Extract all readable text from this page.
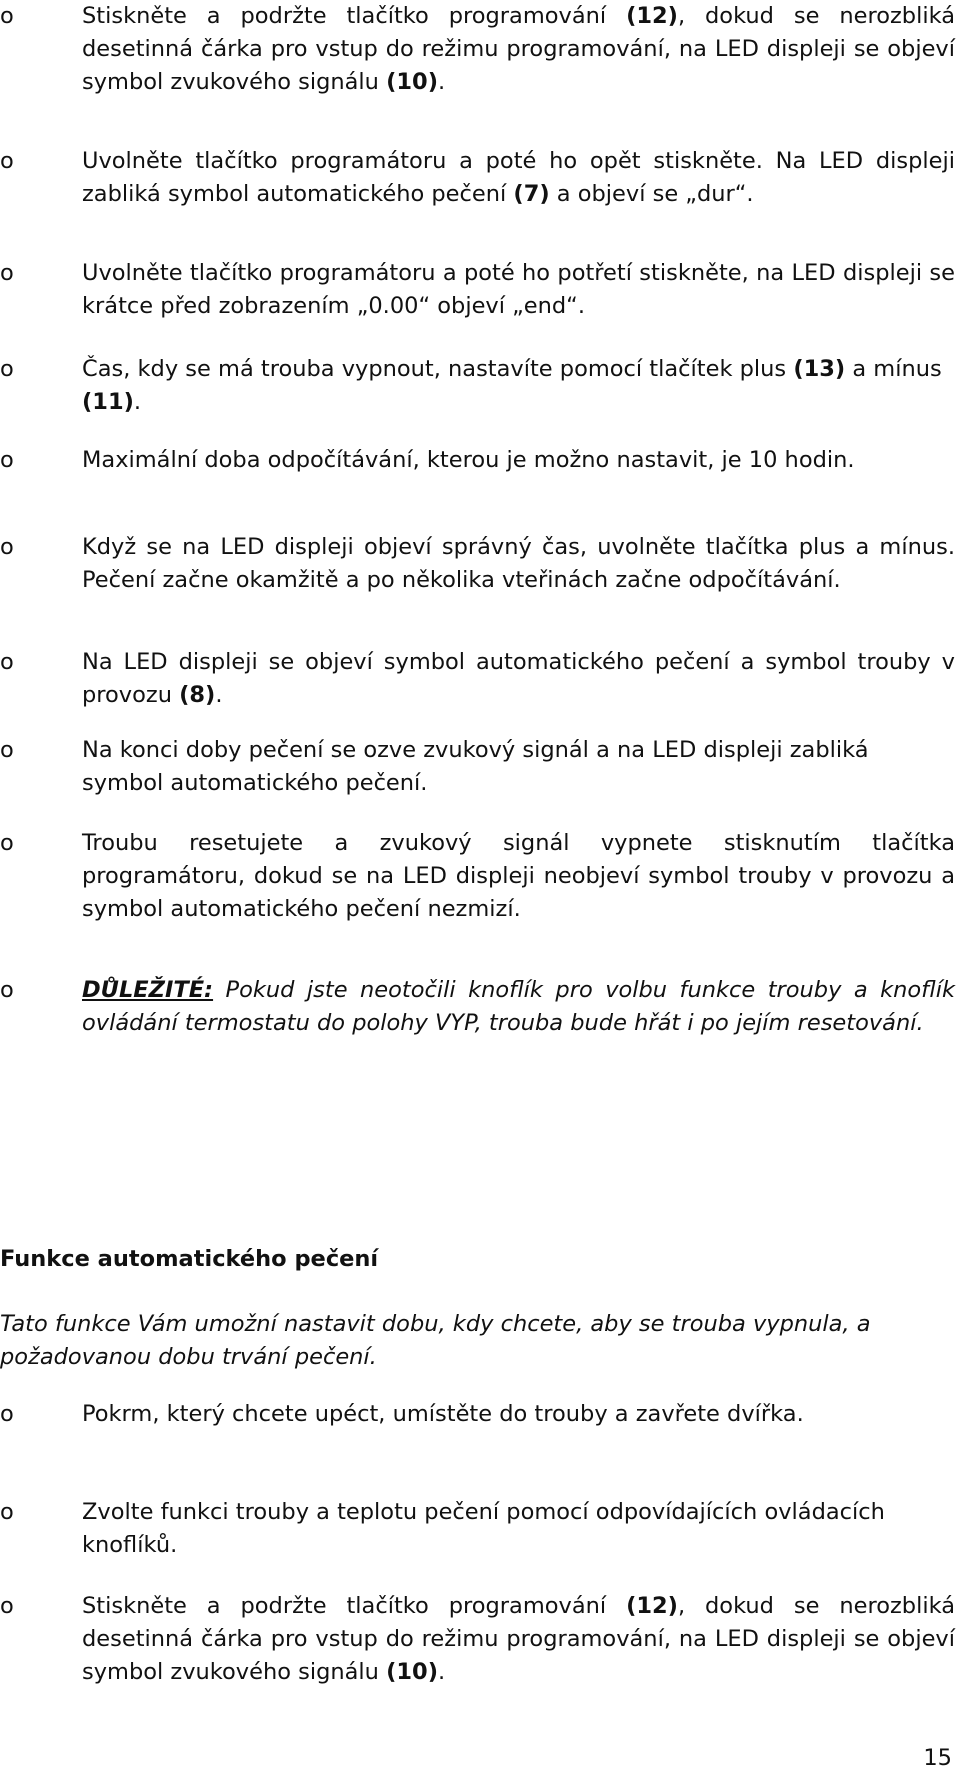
o	Stiskněte a podržte tlačítko programování (12), dokud se nerozbliká desetinná čárka pro vstup do režimu programování, na LED displeji se objeví symbol zvukového signálu (10).
o	Uvolněte tlačítko programátoru a poté ho opět stiskněte. Na LED displeji zabliká symbol automatického pečení (7) a objeví se „dur“.
o	Uvolněte tlačítko programátoru a poté ho potřetí stiskněte, na LED displeji se krátce před zobrazením „0.00“ objeví „end“.
o	Čas, kdy se má trouba vypnout, nastavíte pomocí tlačítek plus (13) a mínus (11).
o	Maximální doba odpočítávání, kterou je možno nastavit, je 10 hodin.
o	Když se na LED displeji objeví správný čas, uvolněte tlačítka plus a mínus. Pečení začne okamžitě a po několika vteřinách začne odpočítávání.
o	Na LED displeji se objeví symbol automatického pečení a symbol trouby v provozu (8).
o	Na konci doby pečení se ozve zvukový signál a na LED displeji zabliká symbol automatického pečení.
o	Troubu resetujete a zvukový signál vypnete stisknutím tlačítka programátoru, dokud se na LED displeji neobjeví symbol trouby v provozu a symbol automatického pečení nezmizí.
o	DŮLEŽITÉ: Pokud jste neotočili knoflík pro volbu funkce trouby a knoflík ovládání termostatu do polohy VYP, trouba bude hřát i po jejím resetování.
Funkce automatického pečení
Tato funkce Vám umožní nastavit dobu, kdy chcete, aby se trouba vypnula, a požadovanou dobu trvání pečení.
o	Pokrm, který chcete upéct, umístěte do trouby a zavřete dvířka.
o	Zvolte funkci trouby a teplotu pečení pomocí odpovídajících ovládacích knoflíků.
o	Stiskněte a podržte tlačítko programování (12), dokud se nerozbliká desetinná čárka pro vstup do režimu programování, na LED displeji se objeví symbol zvukového signálu (10).
15
